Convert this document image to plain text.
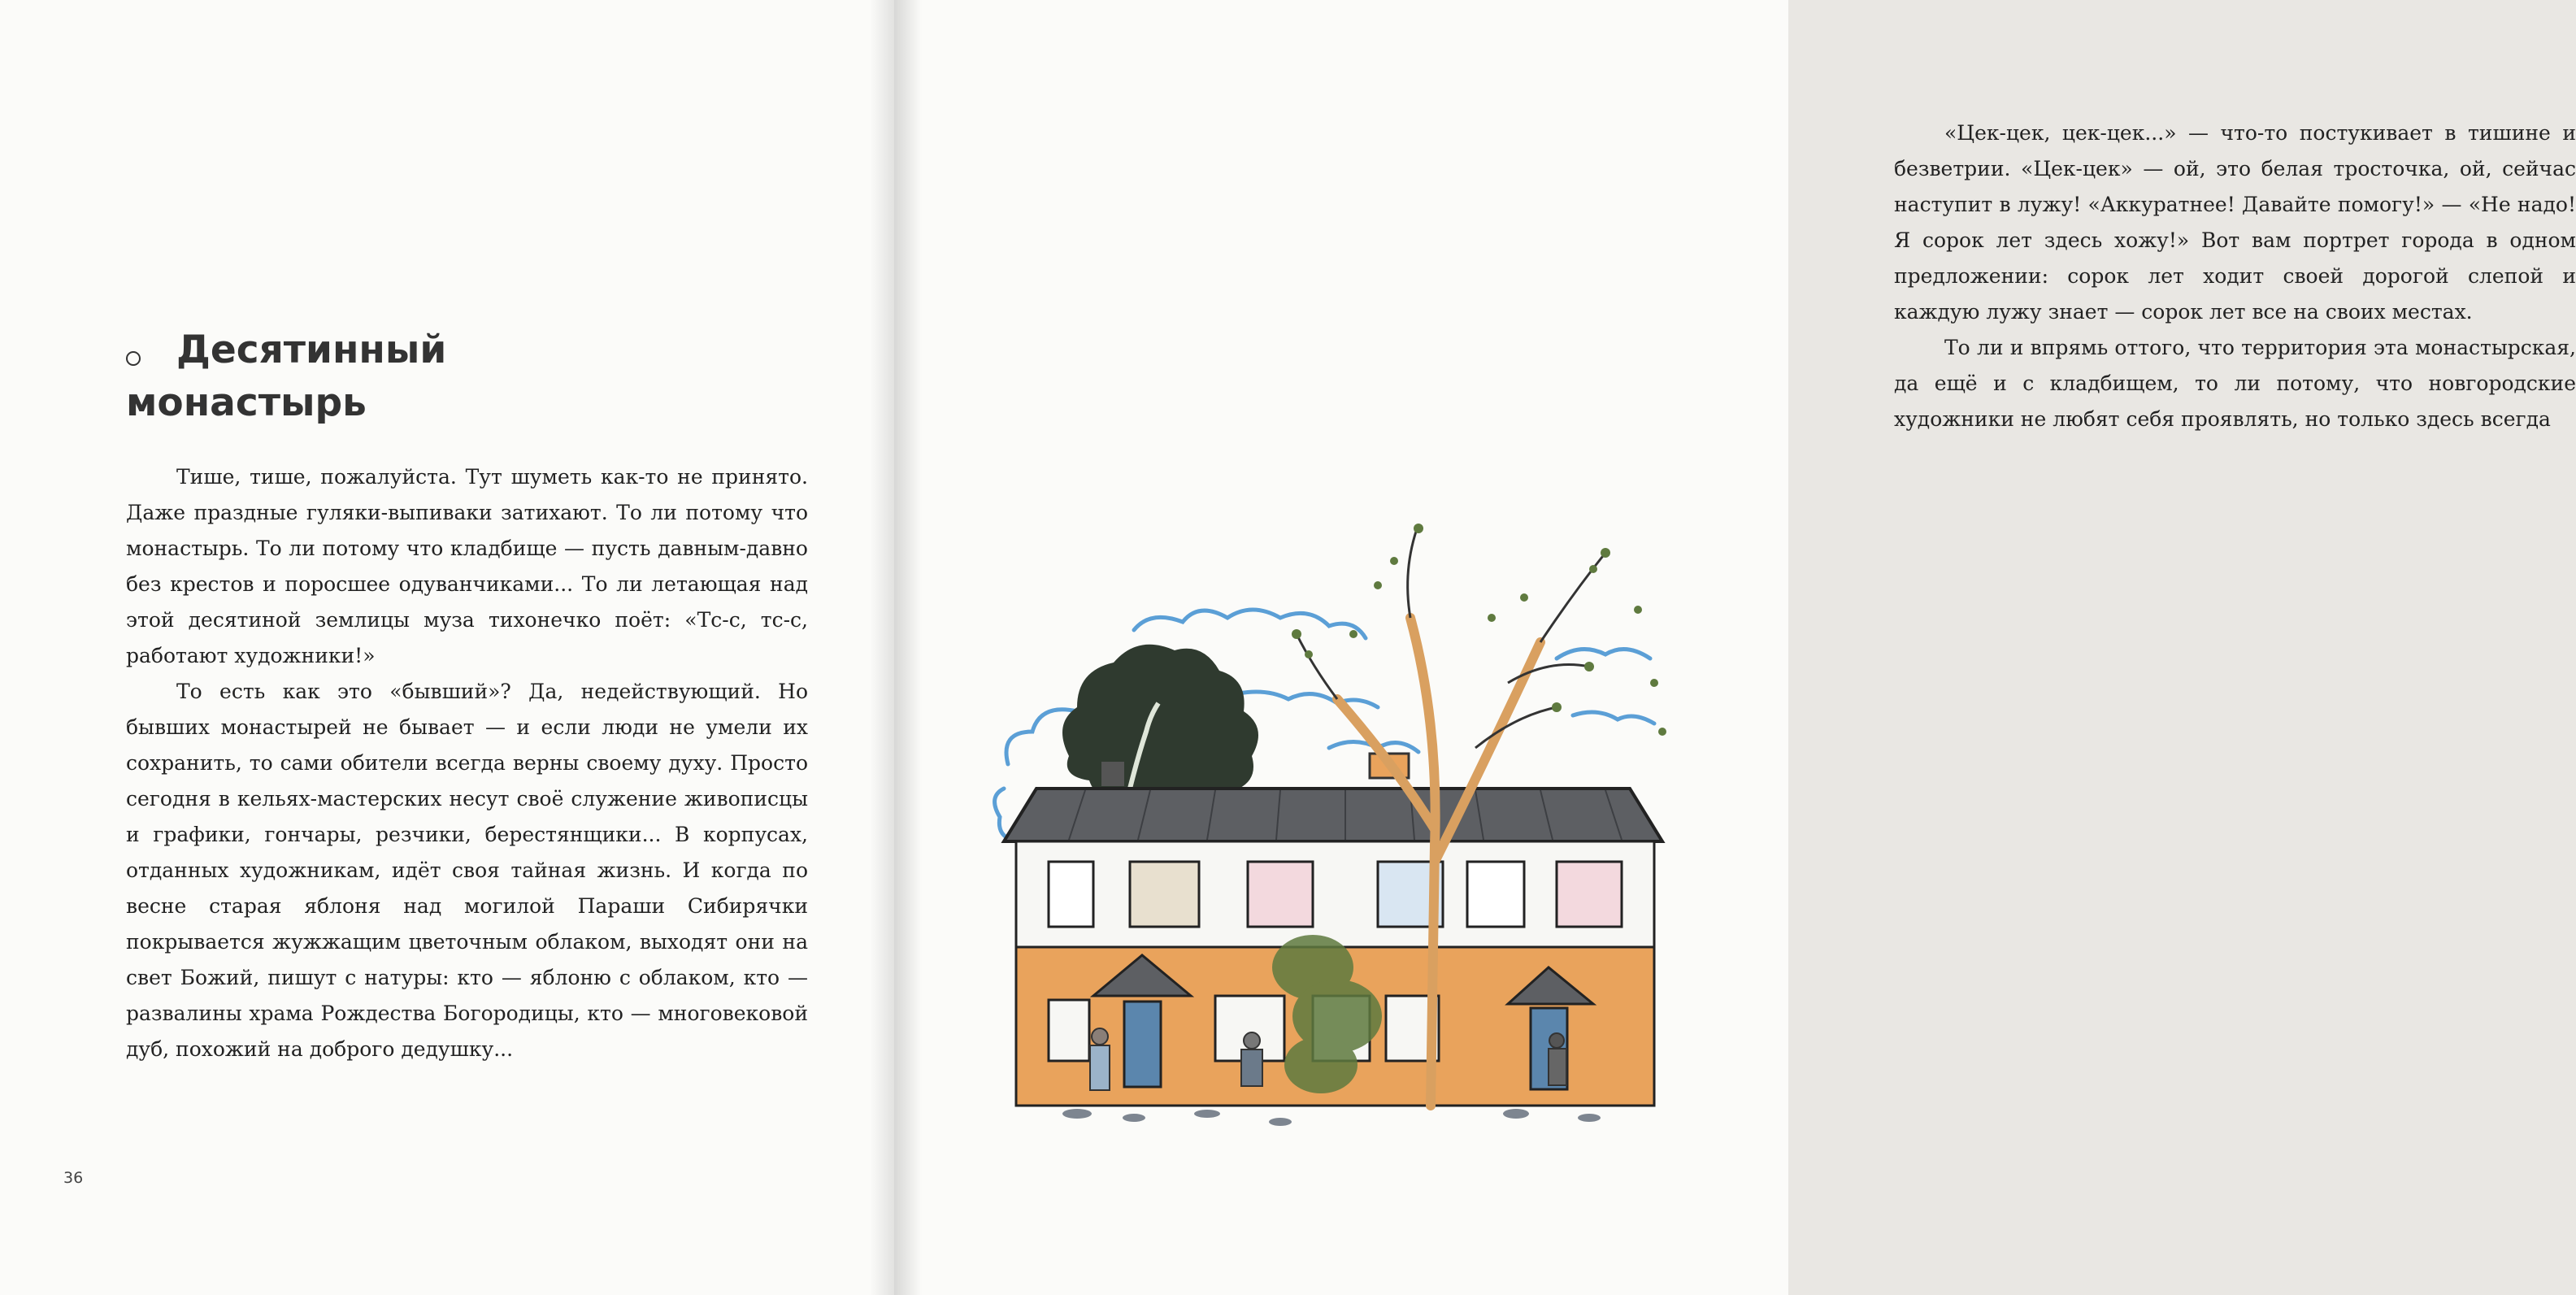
Десятинный монастырь

Тише, тише, пожалуйста. Тут шуметь как-то не принято. Даже праздные гуляки-выпиваки затихают. То ли потому что монастырь. То ли потому что кладбище — пусть давным-давно без крестов и поросшее одуванчиками... То ли летающая над этой десятиной землицы муза тихонечко поёт: «Тс-с, тс-с, работают художники!»

То есть как это «бывший»? Да, недействующий. Но бывших монастырей не бывает — и если люди не умели их сохранить, то сами обители всегда верны своему духу. Просто сегодня в кельях-мастерских несут своё служение живописцы и графики, гончары, резчики, берестянщики... В корпусах, отданных художникам, идёт своя тайная жизнь. И когда по весне старая яблоня над могилой Параши Сибирячки покрывается жужжащим цветочным облаком, выходят они на свет Божий, пишут с натуры: кто — яблоню с облаком, кто — развалины храма Рождества Богородицы, кто — многовековой дуб, похожий на доброго дедушку...

36

«Цек-цек, цек-цек...» — что-то постукивает в тишине и безветрии. «Цек-цек» — ой, это белая тросточка, ой, сейчас наступит в лужу! «Аккуратнее! Давайте помогу!» — «Не надо! Я сорок лет здесь хожу!» Вот вам портрет города в одном предложении: сорок лет ходит своей дорогой слепой и каждую лужу знает — сорок лет все на своих местах.

То ли и впрямь оттого, что территория эта монастырская, да ещё и с кладбищем, то ли потому, что новгородские художники не любят себя проявлять, но только здесь всегда
